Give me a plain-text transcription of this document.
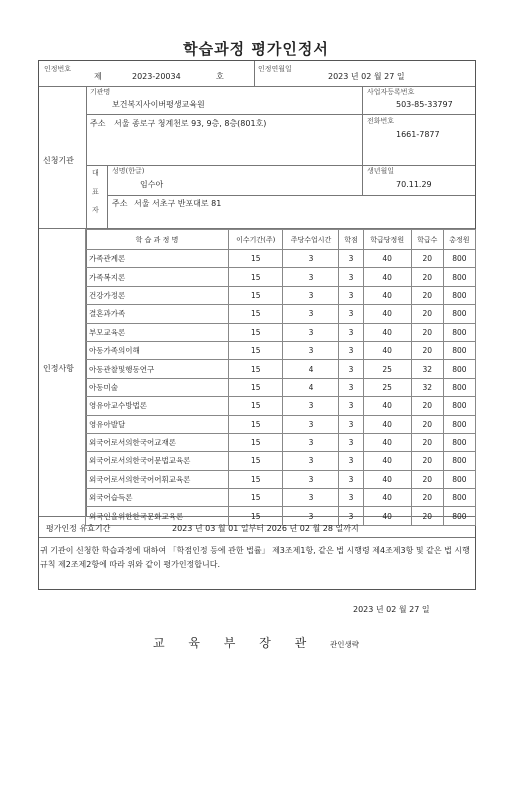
학습과정 평가인정서
인정번호
제	2023-20034	호
인정연월일
2023 년 02 월 27 일
신청기관
기관명
보건복지사이버평생교육원
사업자등록번호
503-85-33797
주소 서울 종로구 청계천로 93, 9층, 8층(801호)	전화번호
1661-7877
대
표
자
성명(한글)
임수아
생년월일
70.11.29
주소 서울 서초구 반포대로 81
인정사항
학 습 과 정 명	이수기간(주)	주당수업시간	학점	학급당정원	학급수	총정원
가족관계론	15	3	3	40	20	800
가족복지론	15	3	3	40	20	800
건강가정론	15	3	3	40	20	800
결혼과가족	15	3	3	40	20	800
부모교육론	15	3	3	40	20	800
아동가족의이해	15	3	3	40	20	800
아동관찰및행동연구	15	4	3	25	32	800
아동미술	15	4	3	25	32	800
영유아교수방법론	15	3	3	40	20	800
영유아발달	15	3	3	40	20	800
외국어로서의한국어교재론	15	3	3	40	20	800
외국어로서의한국어문법교육론	15	3	3	40	20	800
외국어로서의한국어어휘교육론	15	3	3	40	20	800
외국어습득론	15	3	3	40	20	800
외국인을위한한국문화교육론	15	3	3	40	20	800
평가인정 유효기간	2023 년 03 월 01 일부터 2026 년 02 월 28 일까지
귀 기관이 신청한 학습과정에 대하여 「학점인정 등에 관한 법률」 제3조제1항, 같은 법 시행령 제4조제3항 및 같은 법 시행규칙 제2조제2항에 따라 위와 같이 평가인정합니다.
2023 년 02 월 27 일
교 육 부 장 관 관인생략
